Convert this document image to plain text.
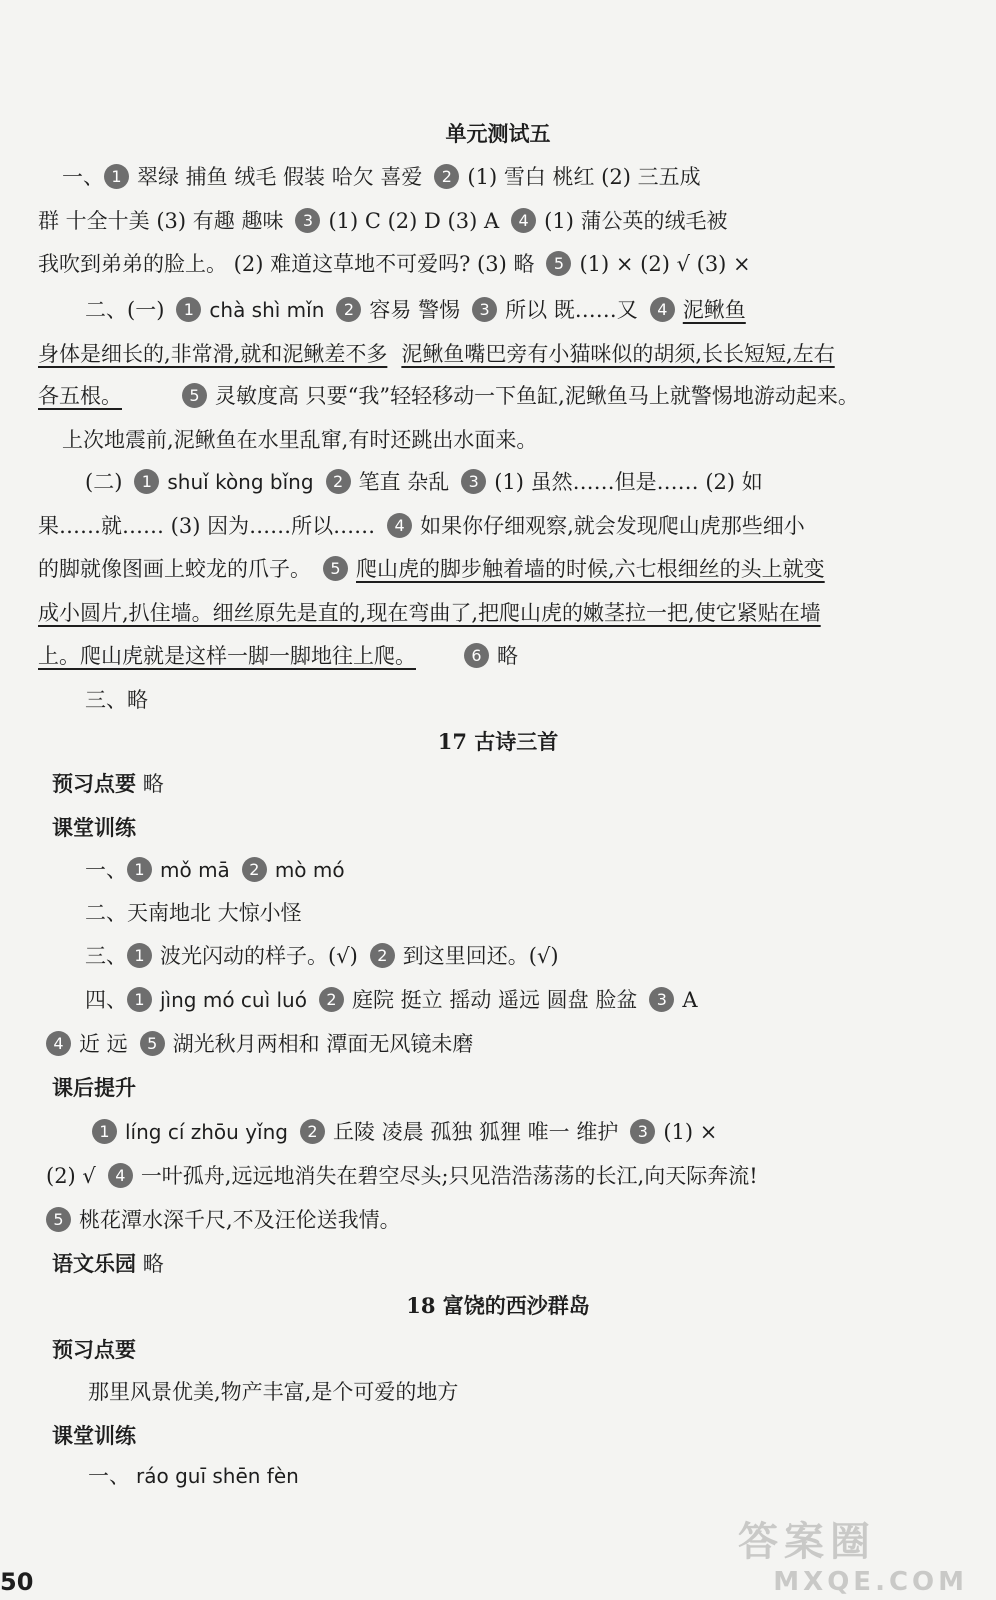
单元测试五
一、 1 翠绿 捕鱼 绒毛 假装 哈欠 喜爱 2 (1) 雪白 桃红 (2) 三五成
群 十全十美 (3) 有趣 趣味 3 (1) C (2) D (3) A 4 (1) 蒲公英的绒毛被
我吹到弟弟的脸上。 (2) 难道这草地不可爱吗? (3) 略 5 (1) × (2) √ (3) ×
二、(一) 1 chà shì mǐn 2 容易 警惕 3 所以 既……又 4 泥鳅鱼
身体是细长的,非常滑,就和泥鳅差不多 泥鳅鱼嘴巴旁有小猫咪似的胡须,长长短短,左右
各五根。	5 灵敏度高 只要“我”轻轻移动一下鱼缸,泥鳅鱼马上就警惕地游动起来。
上次地震前,泥鳅鱼在水里乱窜,有时还跳出水面来。
(二) 1 shuǐ kòng bǐng 2 笔直 杂乱 3 (1) 虽然……但是…… (2) 如
果……就…… (3) 因为……所以…… 4 如果你仔细观察,就会发现爬山虎那些细小
的脚就像图画上蛟龙的爪子。 5 爬山虎的脚步触着墙的时候,六七根细丝的头上就变
成小圆片,扒住墙。细丝原先是直的,现在弯曲了,把爬山虎的嫩茎拉一把,使它紧贴在墙
上。爬山虎就是这样一脚一脚地往上爬。	6 略
三、略
17 古诗三首
预习点要 略
课堂训练
一、 1 mǒ mā 2 mò mó
二、天南地北 大惊小怪
三、 1 波光闪动的样子。(√) 2 到这里回还。(√)
四、 1 jìng mó cuì luó 2 庭院 挺立 摇动 遥远 圆盘 脸盆 3 A
4 近 远 5 湖光秋月两相和 潭面无风镜未磨
课后提升
1 líng cí zhōu yǐng 2 丘陵 凌晨 孤独 狐狸 唯一 维护 3 (1) ×
(2) √ 4 一叶孤舟,远远地消失在碧空尽头;只见浩浩荡荡的长江,向天际奔流!
5 桃花潭水深千尺,不及汪伦送我情。
语文乐园 略
18 富饶的西沙群岛
预习点要
那里风景优美,物产丰富,是个可爱的地方
课堂训练
一、 ráo guī shēn fèn
50
答案圈
MXQE.COM
